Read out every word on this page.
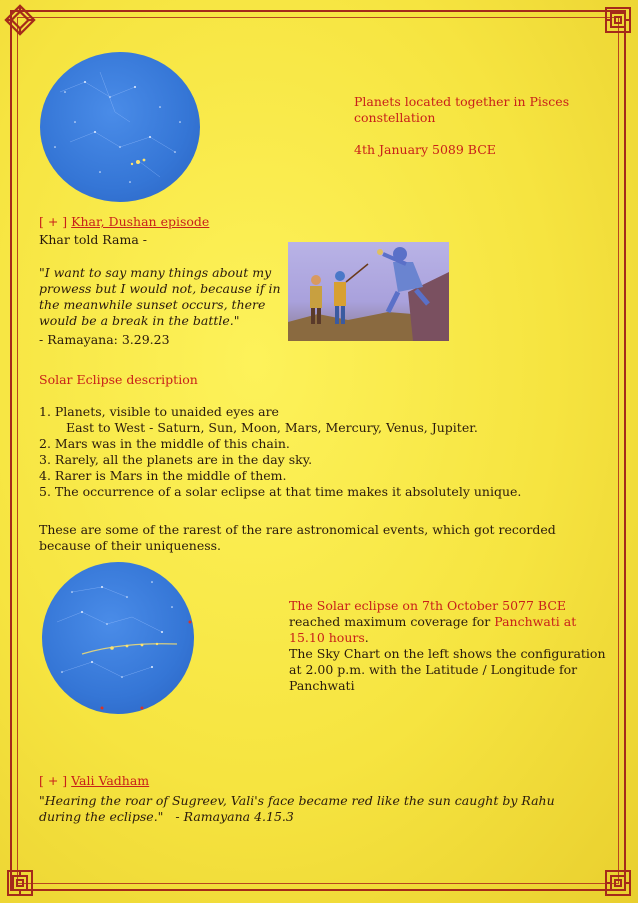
Planets located together in Pisces constellation

4th January 5089 BCE

[ + ] Khar, Dushan episode
Khar told Rama -
"I want to say many things about my prowess but I would not, because if in the meanwhile sunset occurs, there would be a break in the battle."
- Ramayana: 3.29.23
Solar Eclipse description
1. Planets, visible to unaided eyes are
East to West - Saturn, Sun, Moon, Mars, Mercury, Venus, Jupiter.
2. Mars was in the middle of this chain.
3. Rarely, all the planets are in the day sky.
4. Rarer is Mars in the middle of them.
5. The occurrence of a solar eclipse at that time makes it absolutely unique.
These are some of the rarest of the rare astronomical events, which got recorded because of their uniqueness.
The Solar eclipse on 7th October 5077 BCE reached maximum coverage for Panchwati at 15.10 hours.
The Sky Chart on the left shows the configuration at 2.00 p.m. with the Latitude / Longitude for Panchwati
[ + ] Vali Vadham
"Hearing the roar of Sugreev, Vali's face became red like the sun caught by Rahu during the eclipse." - Ramayana 4.15.3
